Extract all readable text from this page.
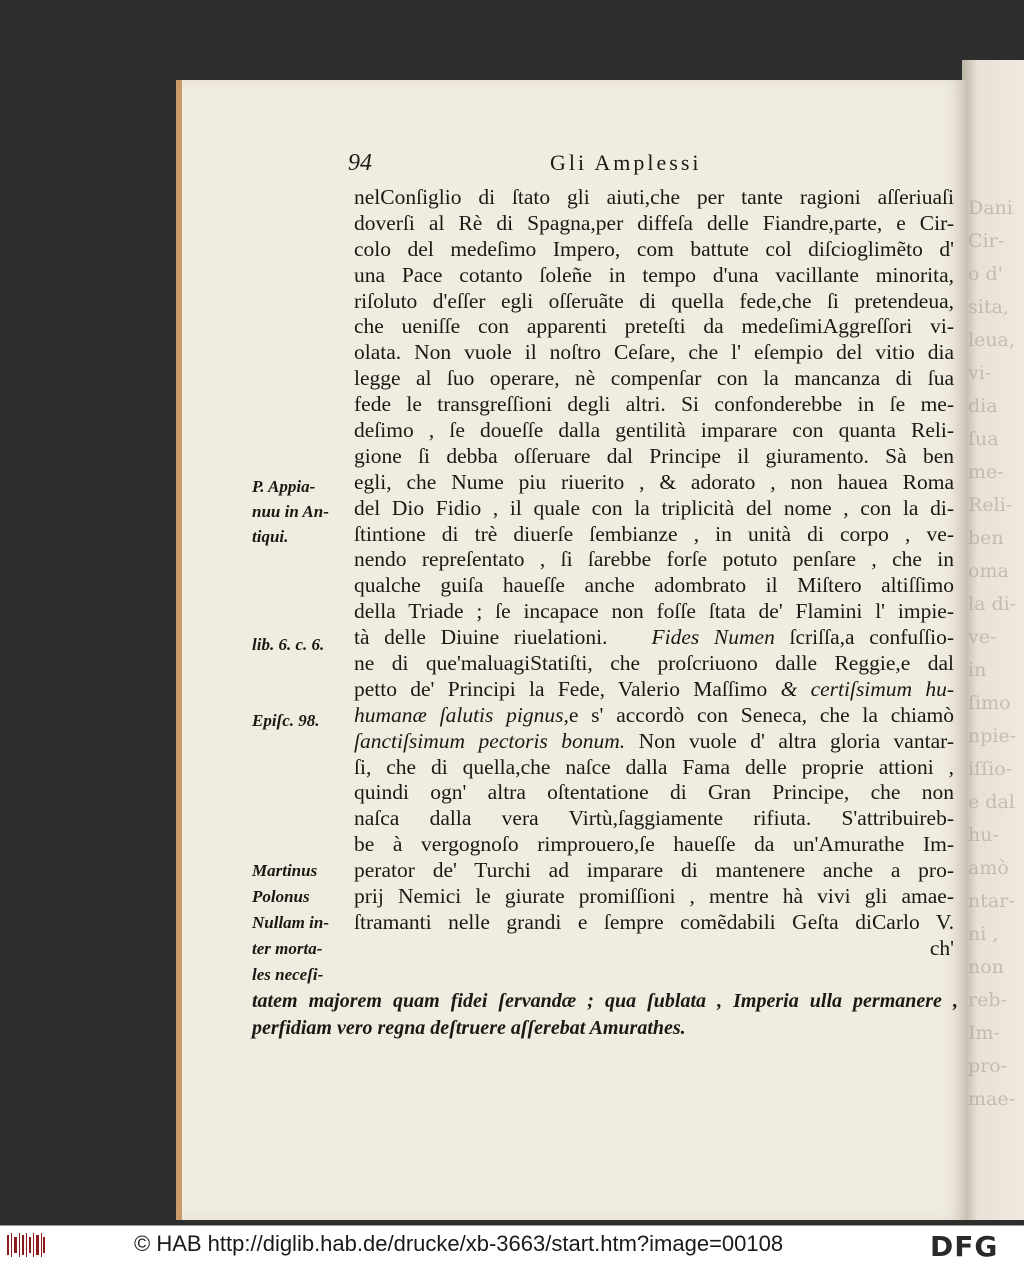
Dani
Cir-
o d'
sita,
leua,
vi-
dia
ſua
me-
Reli-
ben
oma
la di-
ve-
in
ſimo
npie-
iſſio-
e dal
hu-
amò
ntar-
ni ,
non
reb-
Im-
pro-
mae-
94	Gli Amplessi
nelConſiglio di ſtato gli aiuti,che per tante ragioni aſſeriuaſi
doverſi al Rè di Spagna,per diffeſa delle Fiandre,parte, e Cir-
colo del medeſimo Impero, com battute col diſcioglimẽto d'
una Pace cotanto ſoleñe in tempo d'una vacillante minorita,
riſoluto d'eſſer egli oſſeruãte di quella fede,che ſi pretendeua,
che ueniſſe con apparenti preteſti da medeſimiAggreſſori vi-
olata. Non vuole il noſtro Ceſare, che l' eſempio del vitio dia
legge al ſuo operare, nè compenſar con la mancanza di ſua
fede le transgreſſioni degli altri. Si confonderebbe in ſe me-
deſimo , ſe doueſſe dalla gentilità imparare con quanta Reli-
gione ſi debba oſſeruare dal Principe il giuramento. Sà ben
egli, che Nume piu riuerito , & adorato , non hauea Roma
del Dio Fidio , il quale con la triplicità del nome , con la di-
ſtintione di trè diuerſe ſembianze , in unità di corpo , ve-
nendo repreſentato , ſi ſarebbe forſe potuto penſare , che in
qualche guiſa haueſſe anche adombrato il Miſtero altiſſimo
della Triade ; ſe incapace non foſſe ſtata de' Flamini l' impie-
tà delle Diuine riuelationi. Fides Numen ſcriſſa,a confuſſio-
ne di que'maluagiStatiſti, che proſcriuono dalle Reggie,e dal
petto de' Principi la Fede, Valerio Maſſimo & certiſsimum hu-
humanæ ſalutis pignus,e s' accordò con Seneca, che la chiamò
ſanctiſsimum pectoris bonum. Non vuole d' altra gloria vantar-
ſi, che di quella,che naſce dalla Fama delle proprie attioni ,
quindi ogn' altra oſtentatione di Gran Principe, che non
naſca dalla vera Virtù,ſaggiamente rifiuta. S'attribuireb-
be à vergognoſo rimprouero,ſe haueſſe da un'Amurathe Im-
perator de' Turchi ad imparare di mantenere anche a pro-
prij Nemici le giurate promiſſioni , mentre hà vivi gli amae-
ſtramanti nelle grandi e ſempre comẽdabili Geſta diCarlo V.
ch'
P. Appia-
nuu in An-
tiqui.
lib. 6. c. 6.
Epiſc. 98.
Martinus
Polonus
Nullam in-
ter morta-
les neceſi-
tatem majorem quam fidei ſervandæ ; qua ſublata , Imperia ulla permanere ,
perfidiam vero regna deſtruere aſſerebat Amurathes.
© HAB http://diglib.hab.de/drucke/xb-3663/start.htm?image=00108	DFG
